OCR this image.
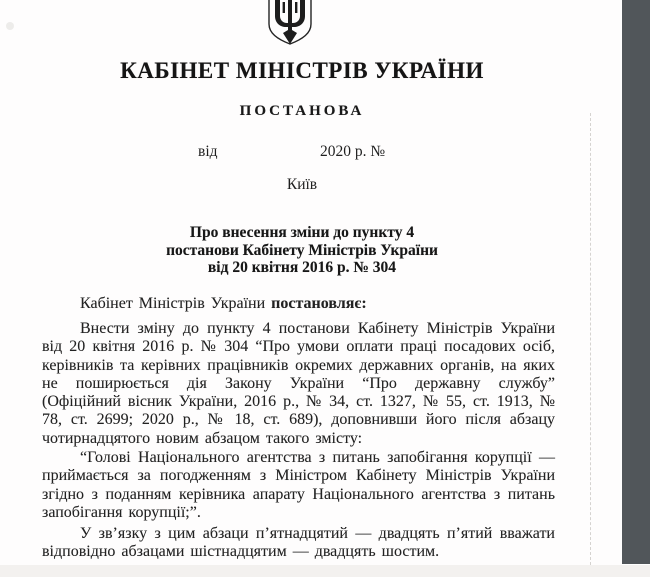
КАБІНЕТ МІНІСТРІВ УКРАЇНИ
ПОСТАНОВА
від	2020 р. №
Київ
Про внесення зміни до пункту 4
постанови Кабінету Міністрів України
від 20 квітня 2016 р. № 304
Кабінет Міністрів України постановляє:
Внести зміну до пункту 4 постанови Кабінету Міністрів України від 20 квітня 2016 р. № 304 “Про умови оплати праці посадових осіб, керівників та керівних працівників окремих державних органів, на яких не поширюється дія Закону України “Про державну службу” (Офіційний вісник України, 2016 р., № 34, ст. 1327, № 55, ст. 1913, № 78, ст. 2699; 2020 р., № 18, ст. 689), доповнивши його після абзацу чотирнадцятого новим абзацом такого змісту:
“Голові Національного агентства з питань запобігання корупції — приймається за погодженням з Міністром Кабінету Міністрів України згідно з поданням керівника апарату Національного агентства з питань запобігання корупції;”.
У зв’язку з цим абзаци п’ятнадцятий — двадцять п’ятий вважати відповідно абзацами шістнадцятим — двадцять шостим.
